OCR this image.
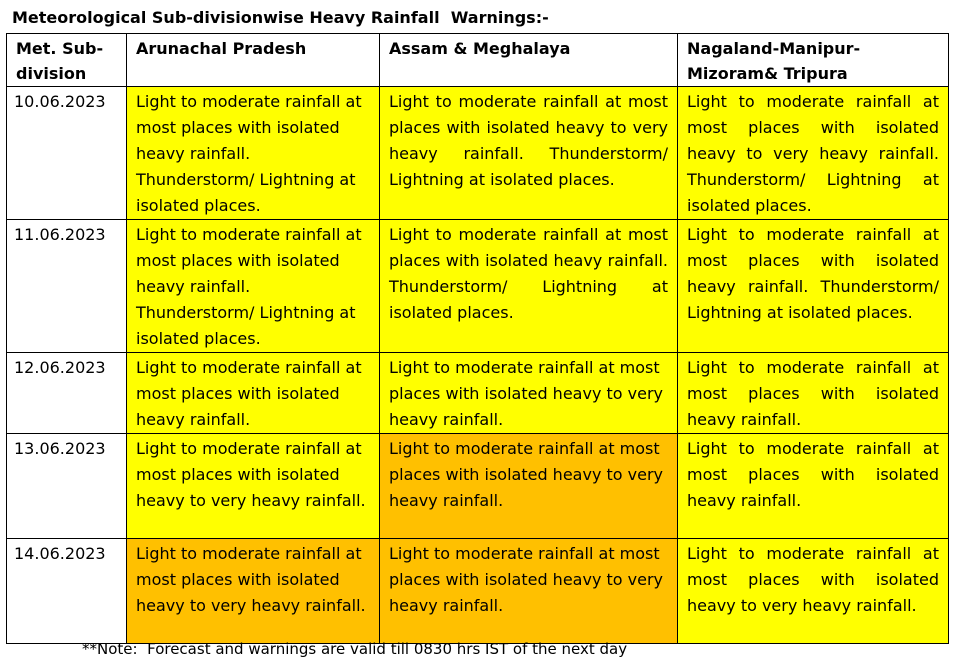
Meteorological Sub-divisionwise Heavy Rainfall  Warnings:-
Met. Sub-division	Arunachal Pradesh	Assam & Meghalaya	Nagaland-Manipur-Mizoram& Tripura
10.06.2023	Light to moderate rainfall at most places with isolated heavy rainfall. Thunderstorm/ Lightning at isolated places.	Light to moderate rainfall at most places with isolated heavy to very heavy rainfall. Thunderstorm/ Lightning at isolated places.	Light to moderate rainfall at most places with isolated heavy to very heavy rainfall. Thunderstorm/ Lightning at isolated places.
11.06.2023	Light to moderate rainfall at most places with isolated heavy rainfall. Thunderstorm/ Lightning at isolated places.	Light to moderate rainfall at most places with isolated heavy rainfall. Thunderstorm/ Lightning at isolated places.	Light to moderate rainfall at most places with isolated heavy rainfall. Thunderstorm/ Lightning at isolated places.
12.06.2023	Light to moderate rainfall at most places with isolated heavy rainfall.	Light to moderate rainfall at most places with isolated heavy to very heavy rainfall.	Light to moderate rainfall at most places with isolated heavy rainfall.
13.06.2023	Light to moderate rainfall at most places with isolated heavy to very heavy rainfall.	Light to moderate rainfall at most places with isolated heavy to very heavy rainfall.	Light to moderate rainfall at most places with isolated heavy rainfall.
14.06.2023	Light to moderate rainfall at most places with isolated heavy to very heavy rainfall.	Light to moderate rainfall at most places with isolated heavy to very heavy rainfall.	Light to moderate rainfall at most places with isolated heavy to very heavy rainfall.
**Note:  Forecast and warnings are valid till 0830 hrs IST of the next day
